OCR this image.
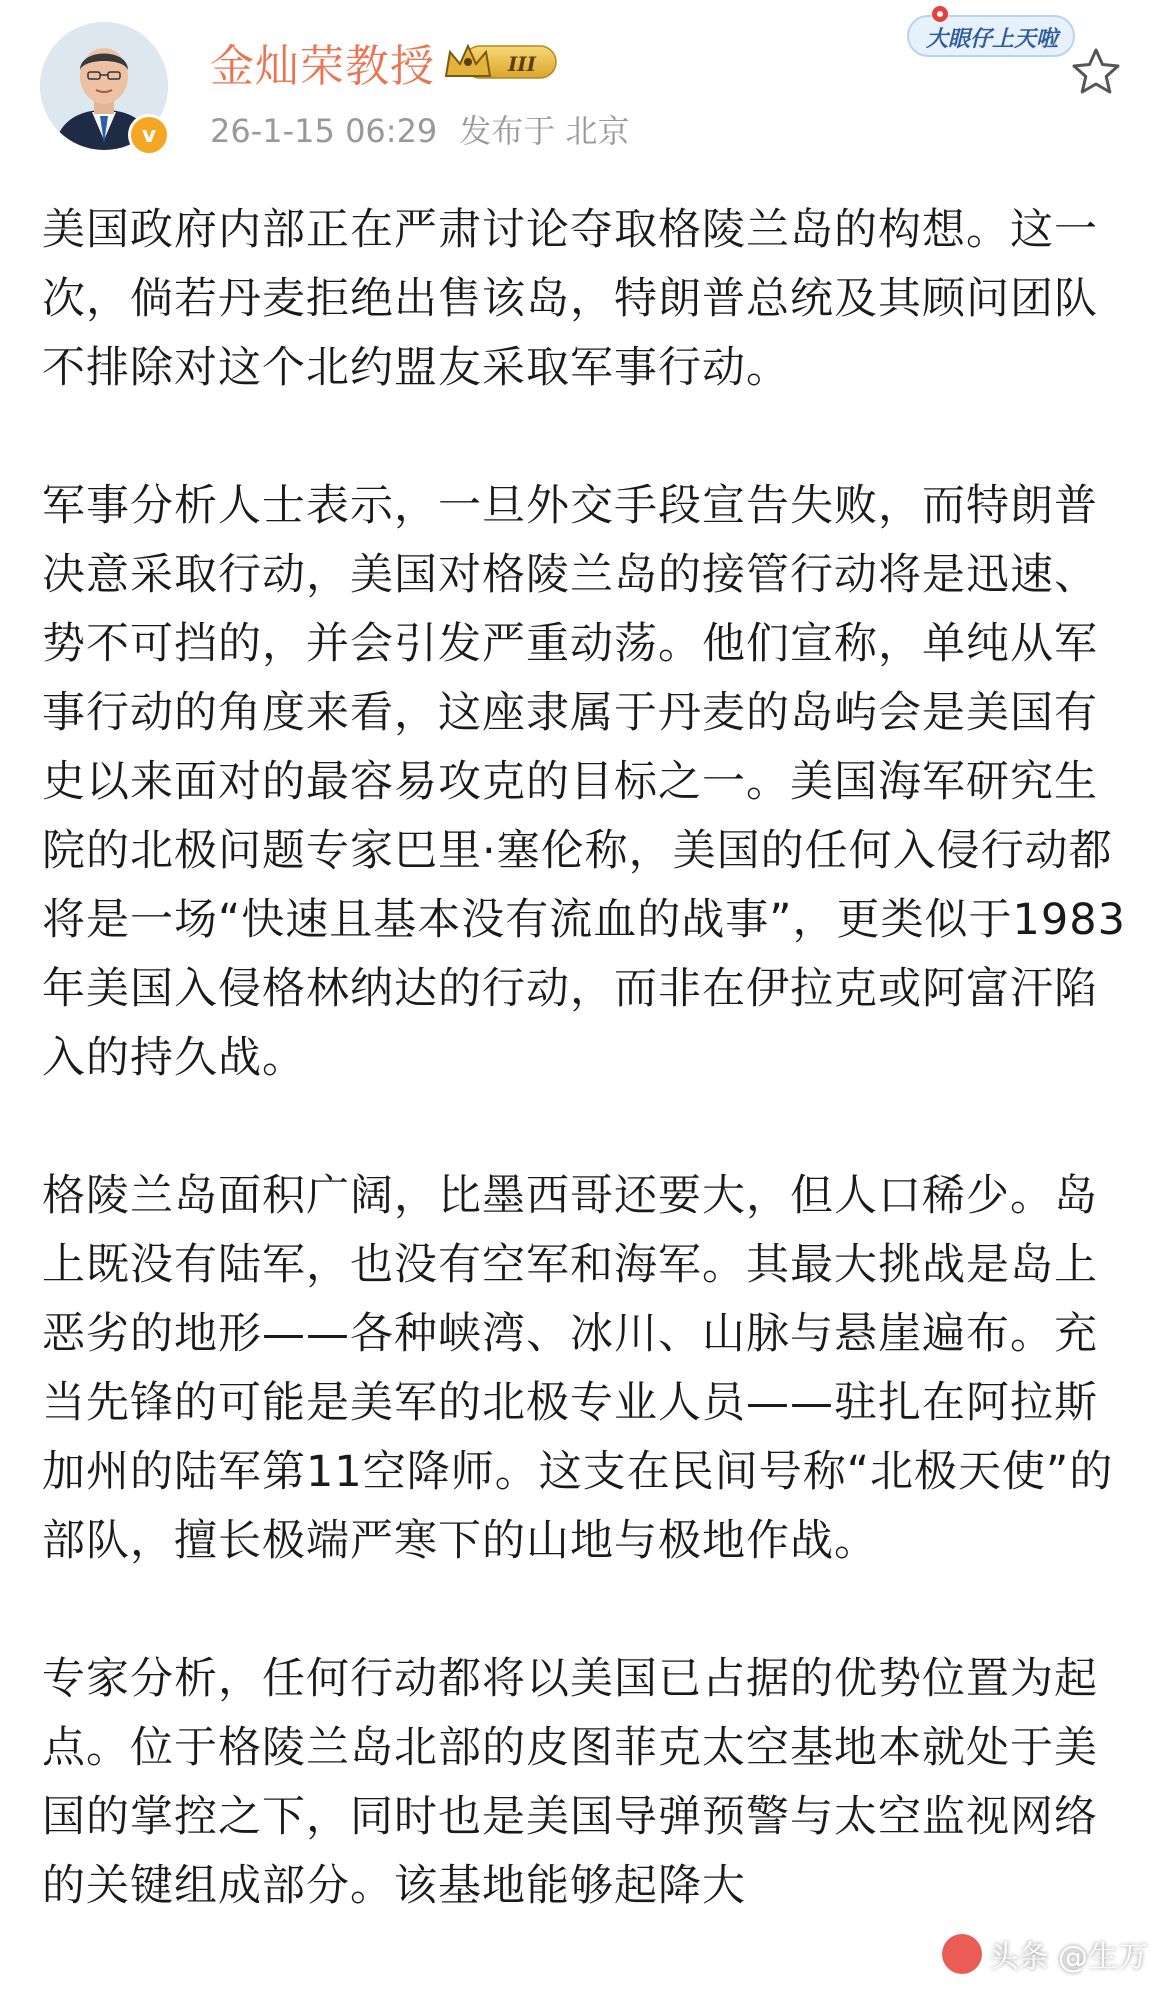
v
金灿荣教授	III
26-1-15 06:29 发布于 北京
大眼仔上天啦

美国政府内部正在严肃讨论夺取格陵兰岛的构想。这一次，倘若丹麦拒绝出售该岛，特朗普总统及其顾问团队不排除对这个北约盟友采取军事行动。

军事分析人士表示，一旦外交手段宣告失败，而特朗普决意采取行动，美国对格陵兰岛的接管行动将是迅速、势不可挡的，并会引发严重动荡。他们宣称，单纯从军事行动的角度来看，这座隶属于丹麦的岛屿会是美国有史以来面对的最容易攻克的目标之一。美国海军研究生院的北极问题专家巴里·塞伦称，美国的任何入侵行动都将是一场“快速且基本没有流血的战事”，更类似于1983年美国入侵格林纳达的行动，而非在伊拉克或阿富汗陷入的持久战。

格陵兰岛面积广阔，比墨西哥还要大，但人口稀少。岛上既没有陆军，也没有空军和海军。其最大挑战是岛上恶劣的地形——各种峡湾、冰川、山脉与悬崖遍布。充当先锋的可能是美军的北极专业人员——驻扎在阿拉斯加州的陆军第11空降师。这支在民间号称“北极天使”的部队，擅长极端严寒下的山地与极地作战。

专家分析，任何行动都将以美国已占据的优势位置为起点。位于格陵兰岛北部的皮图菲克太空基地本就处于美国的掌控之下，同时也是美国导弹预警与太空监视网络的关键组成部分。该基地能够起降大

头条 @生万
